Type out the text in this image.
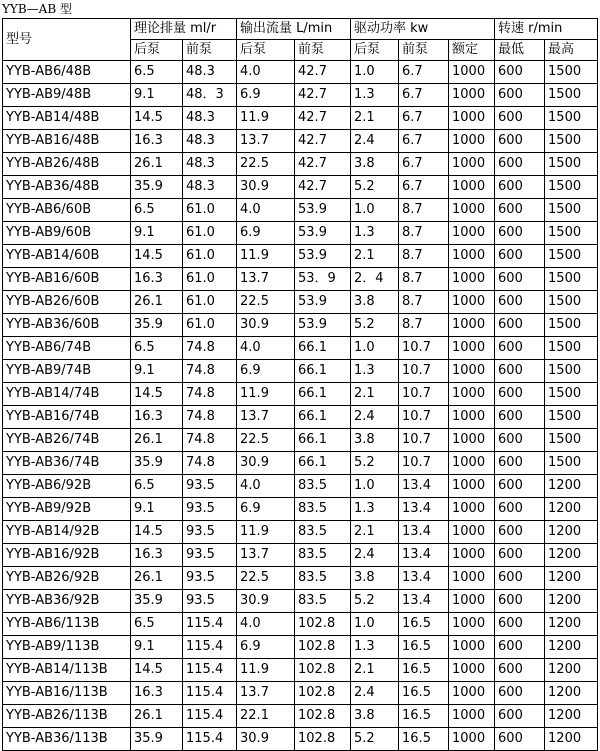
YYB—AB 型
型号	理论排量 ml/r		输出流量 L/min		驱动功率 kw			转速 r/min	
	后泵	前泵	后泵	前泵	后泵	前泵	额定	最低	最高
YYB-AB6/48B	6.5	48.3	4.0	42.7	1.0	6.7	1000	600	1500
YYB-AB9/48B	9.1	48．3	6.9	42.7	1.3	6.7	1000	600	1500
YYB-AB14/48B	14.5	48.3	11.9	42.7	2.1	6.7	1000	600	1500
YYB-AB16/48B	16.3	48.3	13.7	42.7	2.4	6.7	1000	600	1500
YYB-AB26/48B	26.1	48.3	22.5	42.7	3.8	6.7	1000	600	1500
YYB-AB36/48B	35.9	48.3	30.9	42.7	5.2	6.7	1000	600	1500
YYB-AB6/60B	6.5	61.0	4.0	53.9	1.0	8.7	1000	600	1500
YYB-AB9/60B	9.1	61.0	6.9	53.9	1.3	8.7	1000	600	1500
YYB-AB14/60B	14.5	61.0	11.9	53.9	2.1	8.7	1000	600	1500
YYB-AB16/60B	16.3	61.0	13.7	53．9	2．4	8.7	1000	600	1500
YYB-AB26/60B	26.1	61.0	22.5	53.9	3.8	8.7	1000	600	1500
YYB-AB36/60B	35.9	61.0	30.9	53.9	5.2	8.7	1000	600	1500
YYB-AB6/74B	6.5	74.8	4.0	66.1	1.0	10.7	1000	600	1500
YYB-AB9/74B	9.1	74.8	6.9	66.1	1.3	10.7	1000	600	1500
YYB-AB14/74B	14.5	74.8	11.9	66.1	2.1	10.7	1000	600	1500
YYB-AB16/74B	16.3	74.8	13.7	66.1	2.4	10.7	1000	600	1500
YYB-AB26/74B	26.1	74.8	22.5	66.1	3.8	10.7	1000	600	1500
YYB-AB36/74B	35.9	74.8	30.9	66.1	5.2	10.7	1000	600	1500
YYB-AB6/92B	6.5	93.5	4.0	83.5	1.0	13.4	1000	600	1200
YYB-AB9/92B	9.1	93.5	6.9	83.5	1.3	13.4	1000	600	1200
YYB-AB14/92B	14.5	93.5	11.9	83.5	2.1	13.4	1000	600	1200
YYB-AB16/92B	16.3	93.5	13.7	83.5	2.4	13.4	1000	600	1200
YYB-AB26/92B	26.1	93.5	22.5	83.5	3.8	13.4	1000	600	1200
YYB-AB36/92B	35.9	93.5	30.9	83.5	5.2	13.4	1000	600	1200
YYB-AB6/113B	6.5	115.4	4.0	102.8	1.0	16.5	1000	600	1200
YYB-AB9/113B	9.1	115.4	6.9	102.8	1.3	16.5	1000	600	1200
YYB-AB14/113B	14.5	115.4	11.9	102.8	2.1	16.5	1000	600	1200
YYB-AB16/113B	16.3	115.4	13.7	102.8	2.4	16.5	1000	600	1200
YYB-AB26/113B	26.1	115.4	22.1	102.8	3.8	16.5	1000	600	1200
YYB-AB36/113B	35.9	115.4	30.9	102.8	5.2	16.5	1000	600	1200
